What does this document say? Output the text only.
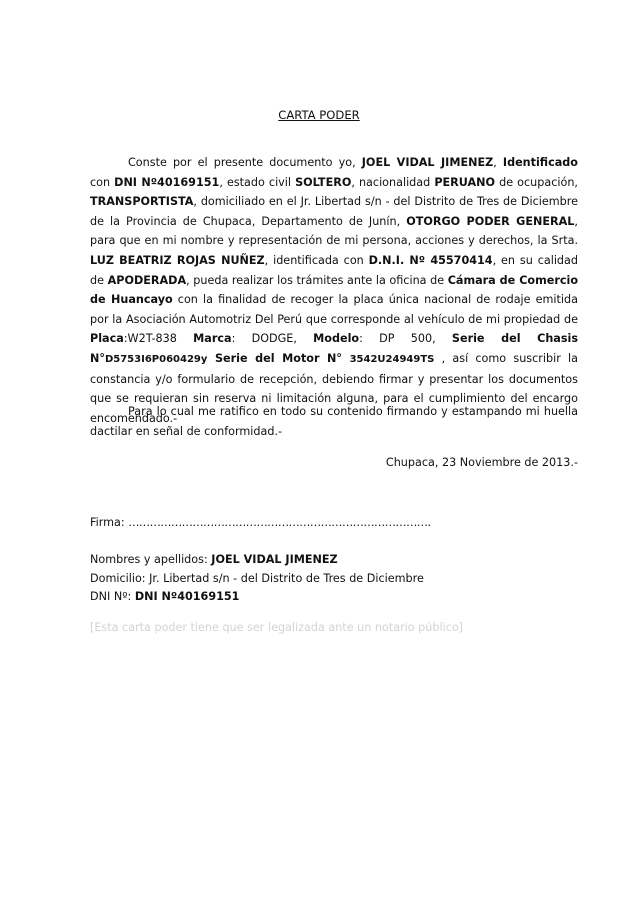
CARTA PODER

Conste por el presente documento yo, JOEL VIDAL JIMENEZ, Identificado con DNI Nº40169151, estado civil SOLTERO, nacionalidad PERUANO de ocupación, TRANSPORTISTA, domiciliado en el Jr. Libertad s/n - del Distrito de Tres de Diciembre de la Provincia de Chupaca, Departamento de Junín, OTORGO PODER GENERAL, para que en mi nombre y representación de mi persona, acciones y derechos, la Srta. LUZ BEATRIZ ROJAS NUÑEZ, identificada con D.N.I. Nº 45570414, en su calidad de APODERADA, pueda realizar los trámites ante la oficina de Cámara de Comercio de Huancayo con la finalidad de recoger la placa única nacional de rodaje emitida por la Asociación Automotriz Del Perú que corresponde al vehículo de mi propiedad de Placa:W2T-838 Marca: DODGE, Modelo: DP 500, Serie del Chasis N°D5753I6P060429y Serie del Motor N° 3542U24949TS , así como suscribir la constancia y/o formulario de recepción, debiendo firmar y presentar los documentos que se requieran sin reserva ni limitación alguna, para el cumplimiento del encargo encomendado.-

Para lo cual me ratifico en todo su contenido firmando y estampando mi huella dactilar en señal de conformidad.-

Chupaca, 23 Noviembre de 2013.-
Firma: ………………………………………………………………………….
Nombres y apellidos: JOEL VIDAL JIMENEZ
Domicilio: Jr. Libertad s/n - del Distrito de Tres de Diciembre
DNI Nº: DNI Nº40169151
[Esta carta poder tiene que ser legalizada ante un notario público]
